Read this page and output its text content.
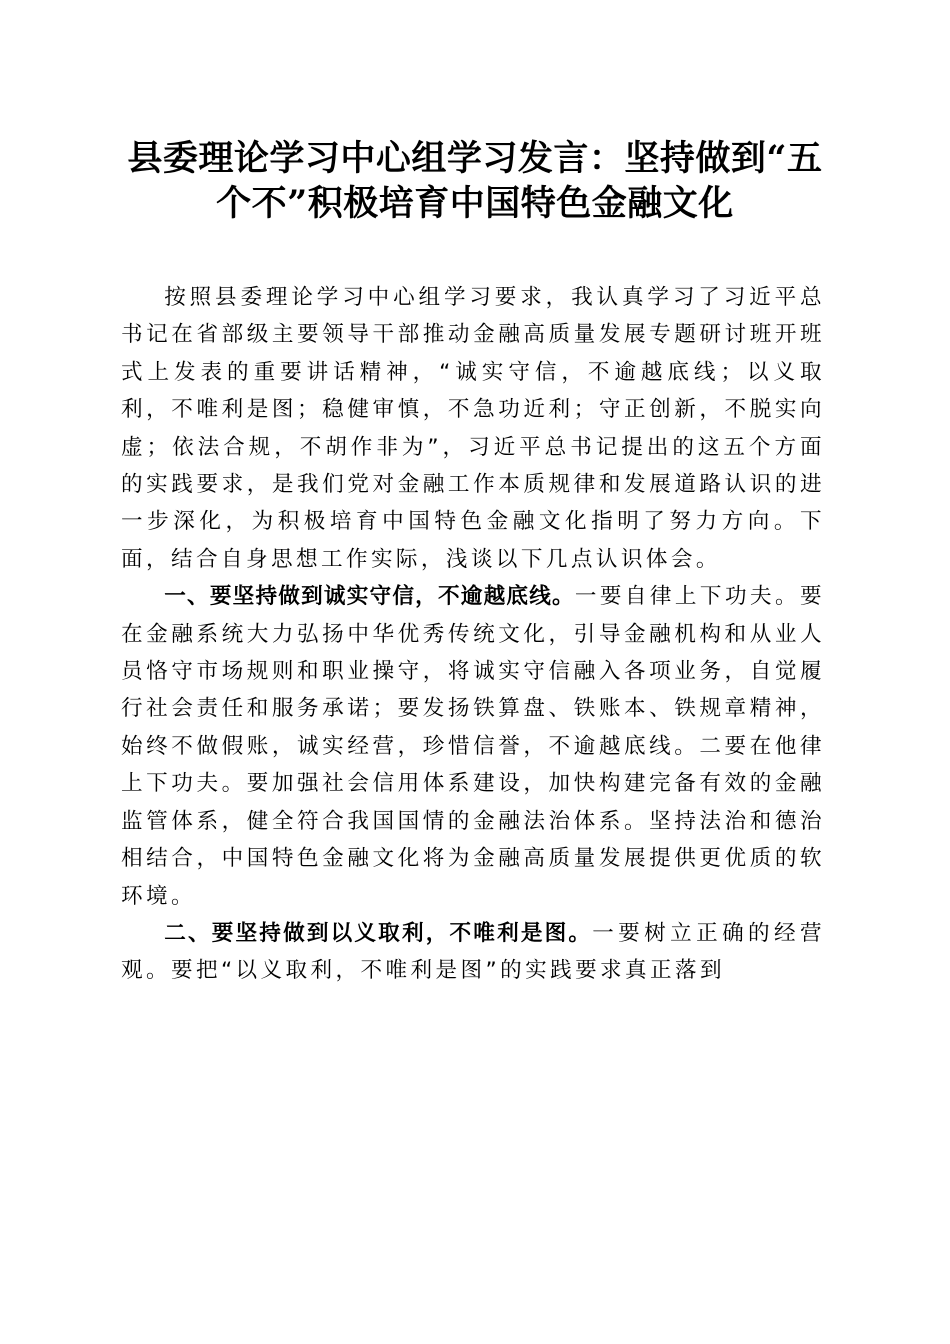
县委理论学习中心组学习发言：坚持做到“五
个不”积极培育中国特色金融文化

按照县委理论学习中心组学习要求，我认真学习了习近平总书记在省部级主要领导干部推动金融高质量发展专题研讨班开班式上发表的重要讲话精神，“诚实守信，不逾越底线；以义取利，不唯利是图；稳健审慎，不急功近利；守正创新，不脱实向虚；依法合规，不胡作非为”，习近平总书记提出的这五个方面的实践要求，是我们党对金融工作本质规律和发展道路认识的进一步深化，为积极培育中国特色金融文化指明了努力方向。下面，结合自身思想工作实际，浅谈以下几点认识体会。

一、要坚持做到诚实守信，不逾越底线。一要自律上下功夫。要在金融系统大力弘扬中华优秀传统文化，引导金融机构和从业人员恪守市场规则和职业操守，将诚实守信融入各项业务，自觉履行社会责任和服务承诺；要发扬铁算盘、铁账本、铁规章精神，始终不做假账，诚实经营，珍惜信誉，不逾越底线。二要在他律上下功夫。要加强社会信用体系建设，加快构建完备有效的金融监管体系，健全符合我国国情的金融法治体系。坚持法治和德治相结合，中国特色金融文化将为金融高质量发展提供更优质的软环境。

二、要坚持做到以义取利，不唯利是图。一要树立正确的经营观。要把“以义取利，不唯利是图”的实践要求真正落到
